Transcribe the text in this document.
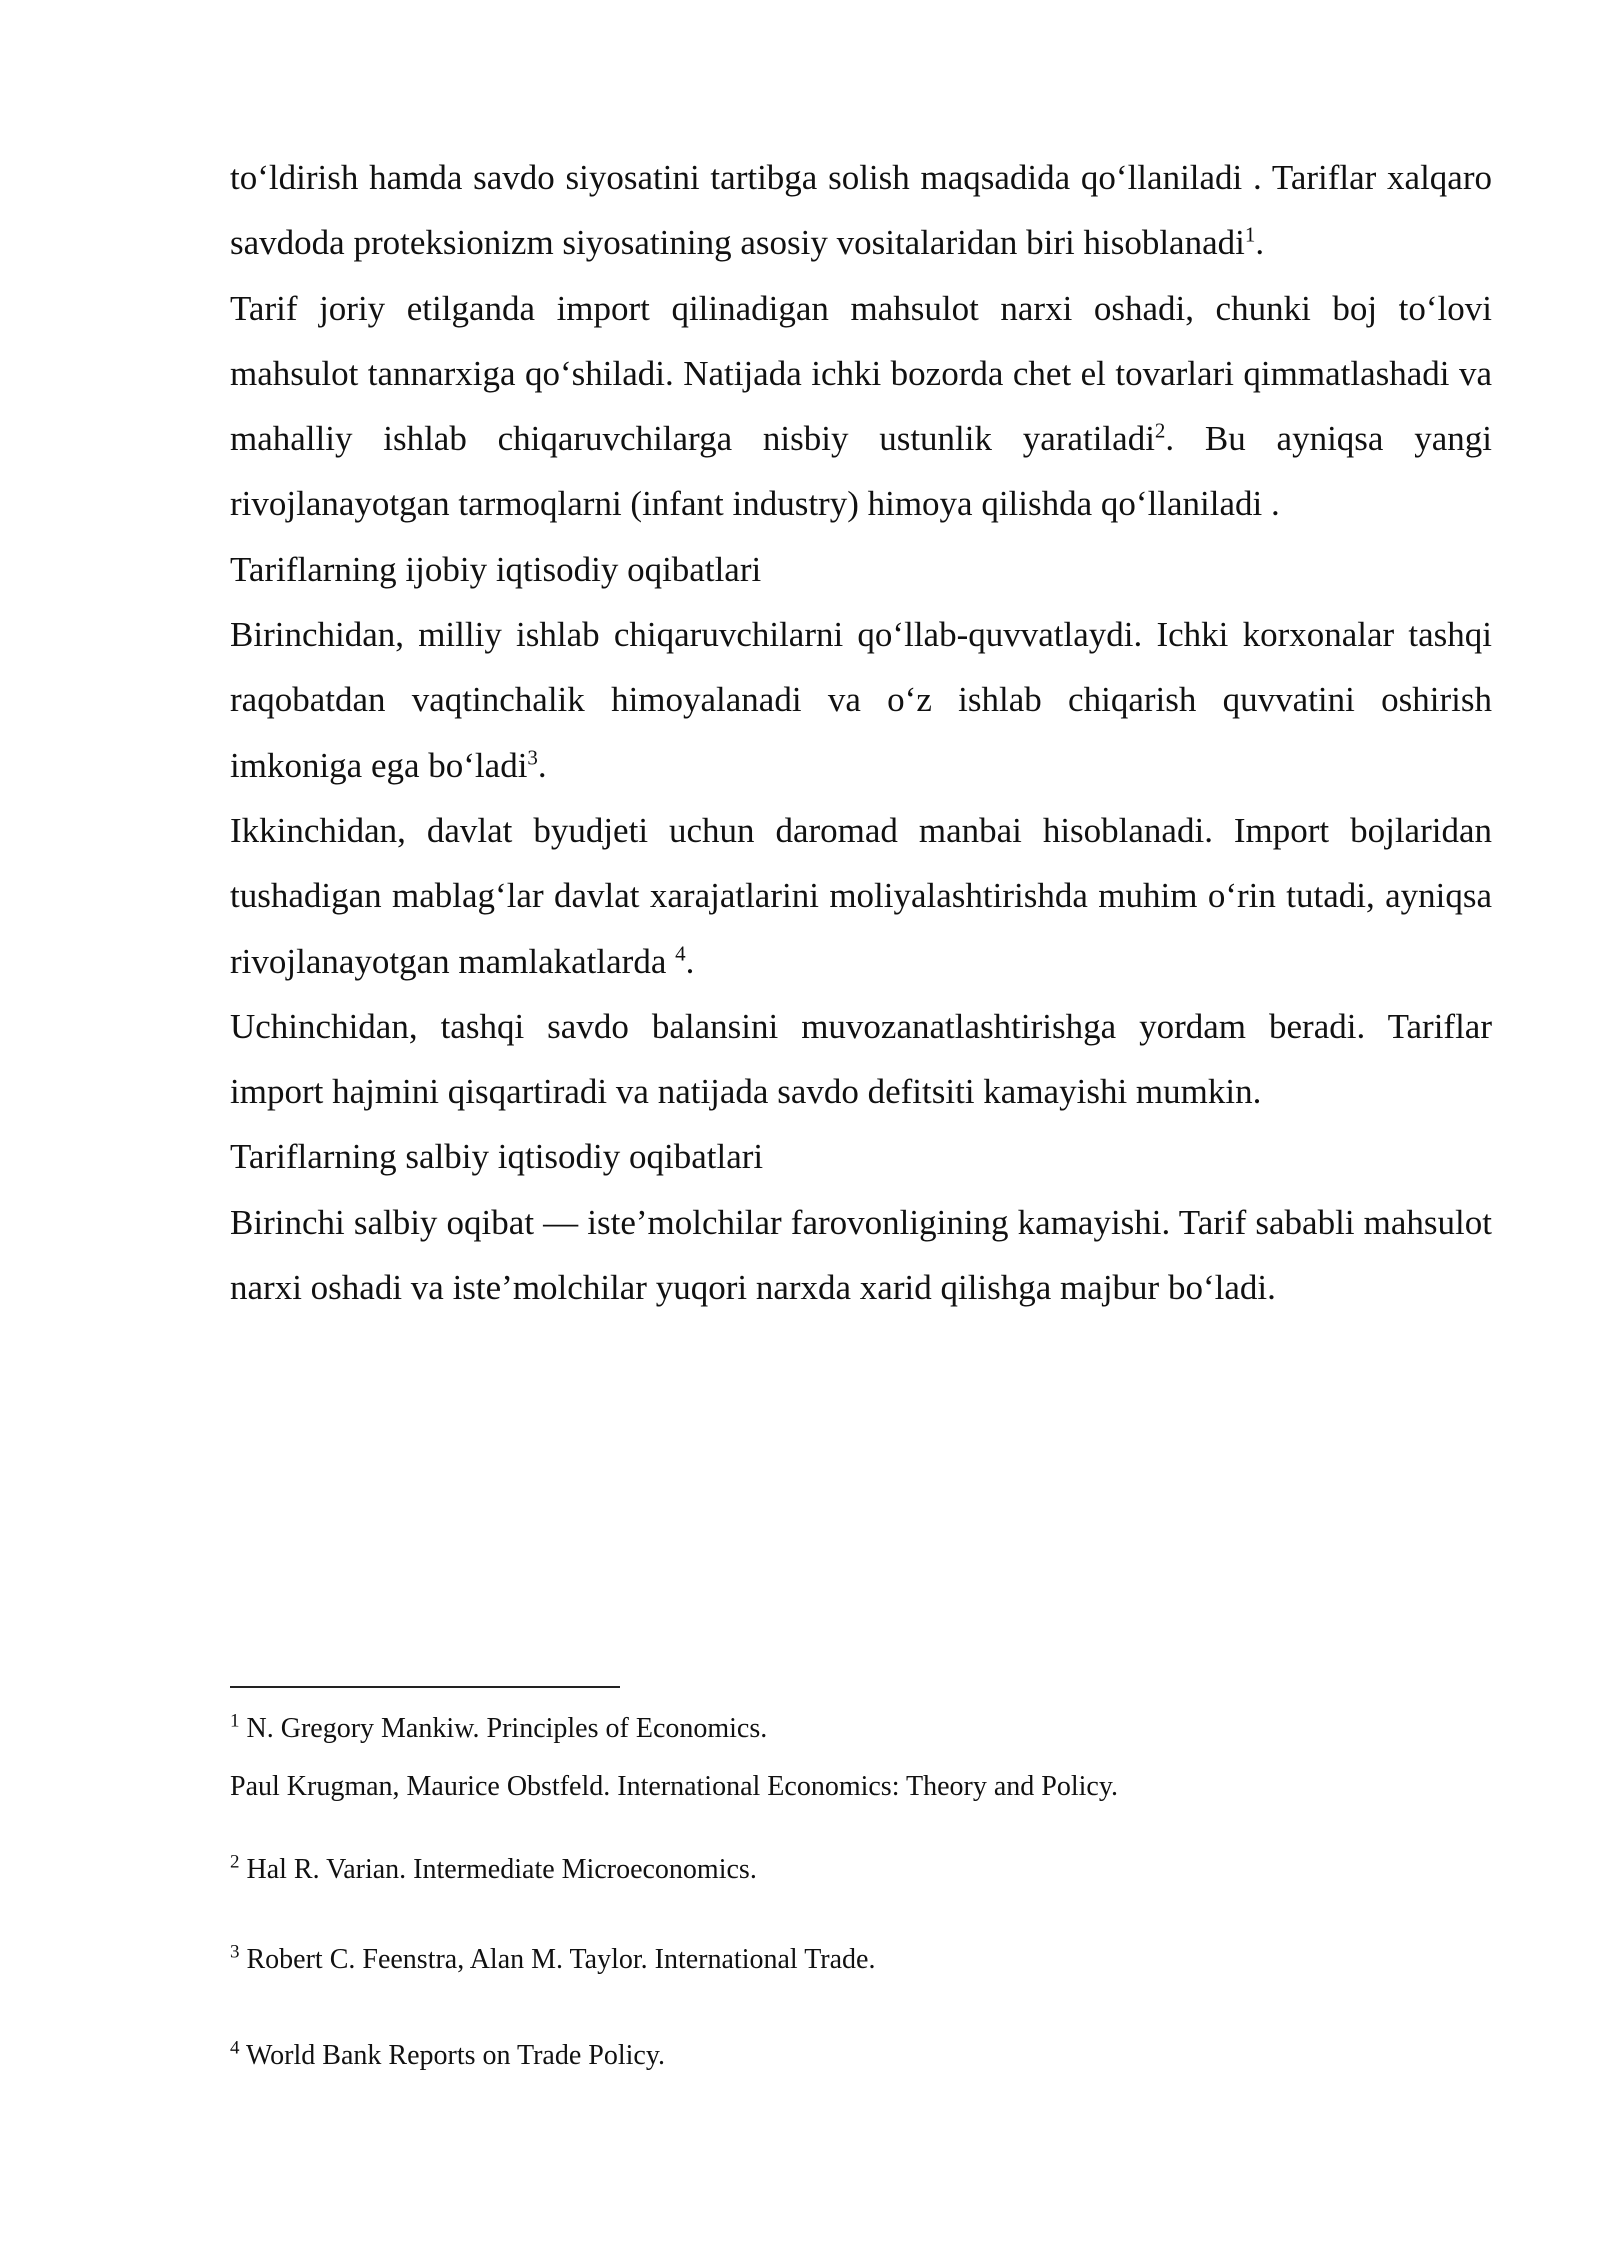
to‘ldirish hamda savdo siyosatini tartibga solish maqsadida qo‘llaniladi . Tariflar xalqaro savdoda proteksionizm siyosatining asosiy vositalaridan biri hisoblanadi$^1$.

Tarif joriy etilganda import qilinadigan mahsulot narxi oshadi, chunki boj to‘lovi mahsulot tannarxiga qo‘shiladi. Natijada ichki bozorda chet el tovarlari qimmatlashadi va mahalliy ishlab chiqaruvchilarga nisbiy ustunlik yaratiladi$^2$. Bu ayniqsa yangi rivojlanayotgan tarmoqlarni (infant industry) himoya qilishda qo‘llaniladi .

Tariflarning ijobiy iqtisodiy oqibatlari

Birinchidan, milliy ishlab chiqaruvchilarni qo‘llab-quvvatlaydi. Ichki korxonalar tashqi raqobatdan vaqtinchalik himoyalanadi va o‘z ishlab chiqarish quvvatini oshirish imkoniga ega bo‘ladi$^3$.

Ikkinchidan, davlat byudjeti uchun daromad manbai hisoblanadi. Import bojlaridan tushadigan mablag‘lar davlat xarajatlarini moliyalashtirishda muhim o‘rin tutadi, ayniqsa rivojlanayotgan mamlakatlarda $^4$.

Uchinchidan, tashqi savdo balansini muvozanatlashtirishga yordam beradi. Tariflar import hajmini qisqartiradi va natijada savdo defitsiti kamayishi mumkin.

Tariflarning salbiy iqtisodiy oqibatlari

Birinchi salbiy oqibat — iste’molchilar farovonligining kamayishi. Tarif sababli mahsulot narxi oshadi va iste’molchilar yuqori narxda xarid qilishga majbur bo‘ladi.

$^1$ N. Gregory Mankiw. Principles of Economics.
Paul Krugman, Maurice Obstfeld. International Economics: Theory and Policy.
$^2$ Hal R. Varian. Intermediate Microeconomics.
$^3$ Robert C. Feenstra, Alan M. Taylor. International Trade.
$^4$ World Bank Reports on Trade Policy.
